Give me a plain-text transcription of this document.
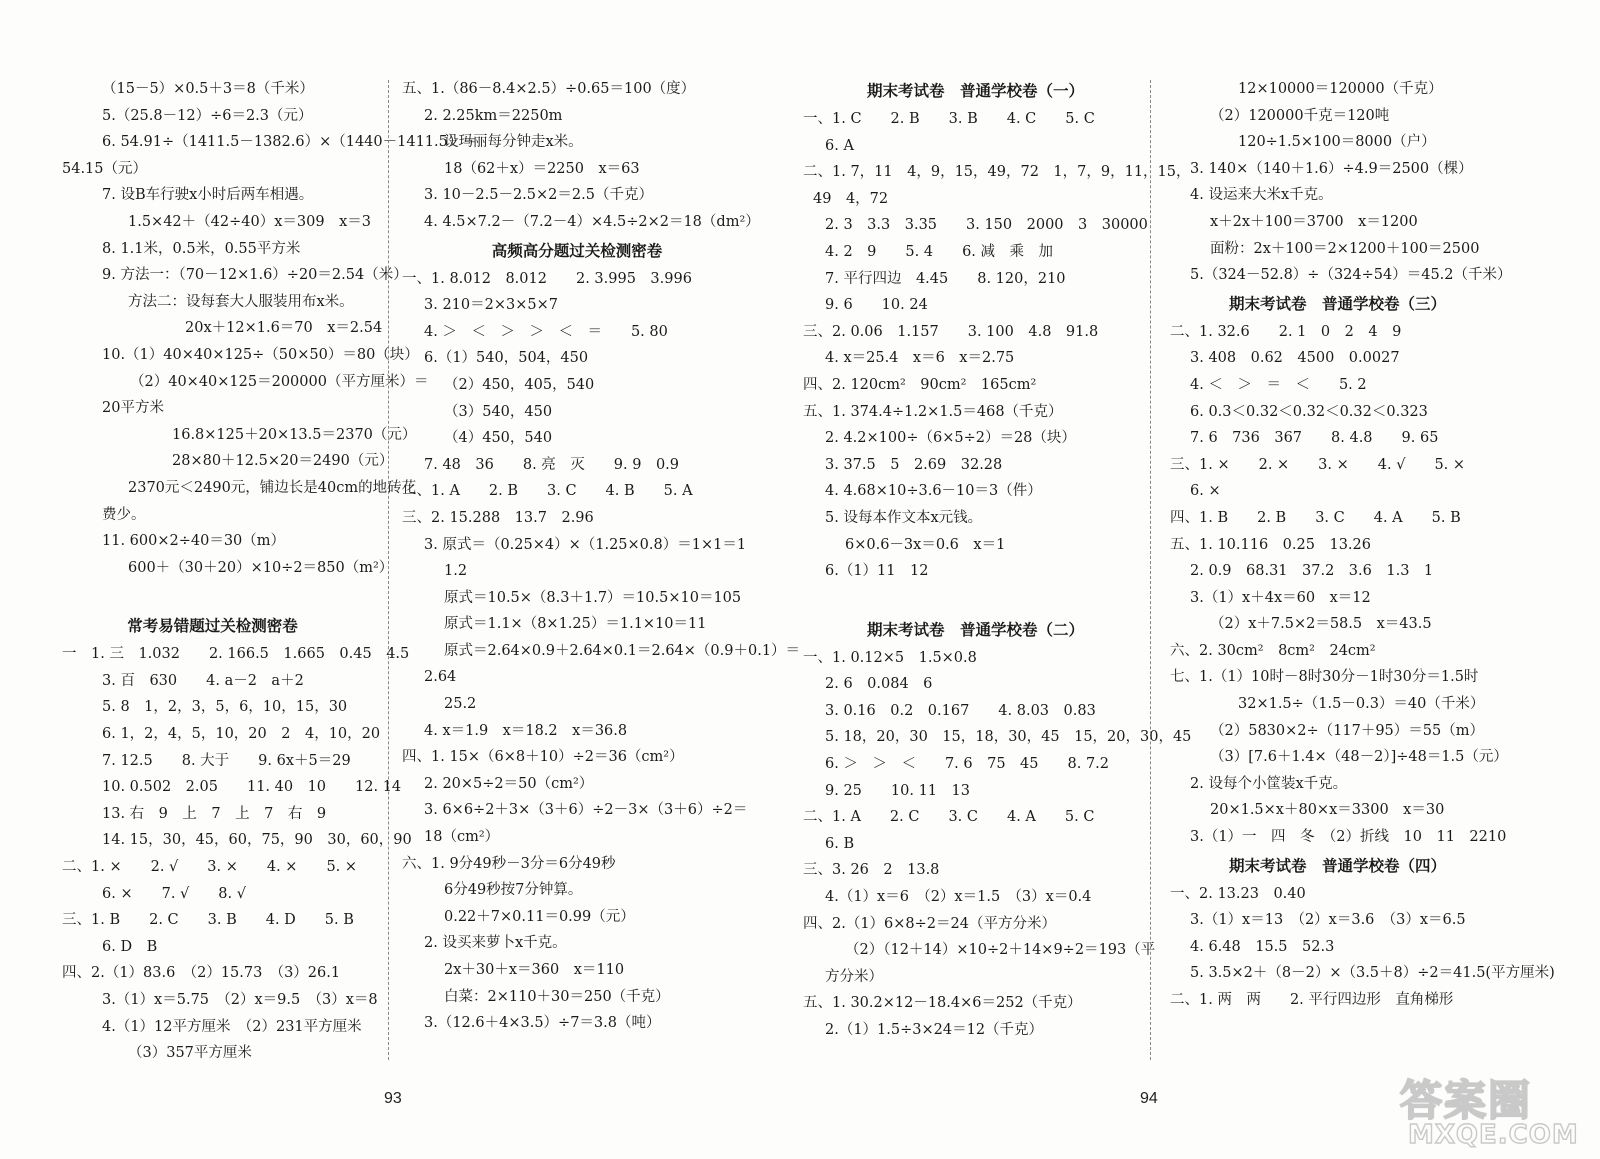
（15－5）×0.5＋3＝8（千米）
5.（25.8－12）÷6＝2.3（元）
6. 54.91÷（1411.5－1382.6）×（1440－1411.5）＝
54.15（元）
7. 设B车行驶x小时后两车相遇。
1.5×42＋（42÷40）x＝309　x＝3
8. 1.1米，0.5米，0.55平方米
9. 方法一：（70－12×1.6）÷20＝2.54（米）
方法二：设每套大人服装用布x米。
20x＋12×1.6＝70　x＝2.54
10.（1）40×40×125÷（50×50）＝80（块）
（2）40×40×125＝200000（平方厘米）＝
20平方米
16.8×125＋20×13.5＝2370（元）
28×80＋12.5×20＝2490（元）
2370元＜2490元，铺边长是40cm的地砖花
费少。
11. 600×2÷40＝30（m）
600＋（30＋20）×10÷2＝850（m²）
常考易错题过关检测密卷
一　1. 三　1.032　　2. 166.5　1.665　0.45　4.5
3. 百　630　　4. a－2　a＋2
5. 8　1，2，3，5，6，10，15，30
6. 1，2，4，5，10，20　2　4，10，20
7. 12.5　　8. 大于　　9. 6x＋5＝29
10. 0.502　2.05　　11. 40　10　　12. 14
13. 右　9　上　7　上　7　右　9
14. 15，30，45，60，75，90　30，60，90
二、1. ×　　2. √　　3. ×　　4. ×　　5. ×
6. ×　　7. √　　8. √
三、1. B　　2. C　　3. B　　4. D　　5. B
6. D　B
四、2.（1）83.6　（2）15.73　（3）26.1
3.（1）x＝5.75　（2）x＝9.5　（3）x＝8
4.（1）12平方厘米　（2）231平方厘米
（3）357平方厘米
五、1.（86－8.4×2.5）÷0.65＝100（度）
2. 2.25km＝2250m
设玛丽每分钟走x米。
18（62＋x）＝2250　x＝63
3. 10－2.5－2.5×2＝2.5（千克）
4. 4.5×7.2－（7.2－4）×4.5÷2×2＝18（dm²）
高频高分题过关检测密卷
一、1. 8.012　8.012　　2. 3.995　3.996
3. 210＝2×3×5×7
4. ＞　＜　＞　＞　＜　＝　　5. 80
6.（1）540，504，450
（2）450，405，540
（3）540，450
（4）450，540
7. 48　36　　8. 亮　灭　　9. 9　0.9
二、1. A　　2. B　　3. C　　4. B　　5. A
三、2. 15.288　13.7　2.96
3. 原式＝（0.25×4）×（1.25×0.8）＝1×1＝1
1.2
原式＝10.5×（8.3＋1.7）＝10.5×10＝105
原式＝1.1×（8×1.25）＝1.1×10＝11
原式＝2.64×0.9＋2.64×0.1＝2.64×（0.9＋0.1）＝
2.64
25.2
4. x＝1.9　x＝18.2　x＝36.8
四、1. 15×（6×8＋10）÷2＝36（cm²）
2. 20×5÷2＝50（cm²）
3. 6×6÷2＋3×（3＋6）÷2－3×（3＋6）÷2＝
18（cm²）
六、1. 9分49秒－3分＝6分49秒
6分49秒按7分钟算。
0.22＋7×0.11＝0.99（元）
2. 设买来萝卜x千克。
2x＋30＋x＝360　x＝110
白菜：2×110＋30＝250（千克）
3.（12.6＋4×3.5）÷7＝3.8（吨）
期末考试卷　普通学校卷（一）
一、1. C　　2. B　　3. B　　4. C　　5. C
6. A
二、1. 7，11　4，9，15，49，72　1，7，9，11，15，
49　4，72
2. 3　3.3　3.35　　3. 150　2000　3　30000
4. 2　9　　5. 4　　6. 减　乘　加
7. 平行四边　4.45　　8. 120，210
9. 6　　10. 24
三、2. 0.06　1.157　　3. 100　4.8　91.8
4. x＝25.4　x＝6　x＝2.75
四、2. 120cm²　90cm²　165cm²
五、1. 374.4÷1.2×1.5＝468（千克）
2. 4.2×100÷（6×5÷2）＝28（块）
3. 37.5　5　2.69　32.28
4. 4.68×10÷3.6－10＝3（件）
5. 设每本作文本x元钱。
6×0.6－3x＝0.6　x＝1
6.（1）11　12
期末考试卷　普通学校卷（二）
一、1. 0.12×5　1.5×0.8
2. 6　0.084　6
3. 0.16　0.2　0.167　　4. 8.03　0.83
5. 18，20，30　15，18，30，45　15，20，30，45
6. ＞　＞　＜　　7. 6　75　45　　8. 7.2
9. 25　　10. 11　13
二、1. A　　2. C　　3. C　　4. A　　5. C
6. B
三、3. 26　2　13.8
4.（1）x＝6　（2）x＝1.5　（3）x＝0.4
四、2.（1）6×8÷2＝24（平方分米）
（2）（12＋14）×10÷2＋14×9÷2＝193（平
方分米）
五、1. 30.2×12－18.4×6＝252（千克）
2.（1）1.5÷3×24＝12（千克）
12×10000＝120000（千克）
（2）120000千克＝120吨
120÷1.5×100＝8000（户）
3. 140×（140＋1.6）÷4.9＝2500（棵）
4. 设运来大米x千克。
x＋2x＋100＝3700　x＝1200
面粉：2x＋100＝2×1200＋100＝2500
5.（324－52.8）÷（324÷54）＝45.2（千米）
期末考试卷　普通学校卷（三）
二、1. 32.6　　2. 1　0　2　4　9
3. 408　0.62　4500　0.0027
4. ＜　＞　＝　＜　　5. 2
6. 0.3＜0.32＜0.32＜0.32＜0.323
7. 6　736　367　　8. 4.8　　9. 65
三、1. ×　　2. ×　　3. ×　　4. √　　5. ×
6. ×
四、1. B　　2. B　　3. C　　4. A　　5. B
五、1. 10.116　0.25　13.26
2. 0.9　68.31　37.2　3.6　1.3　1
3.（1）x＋4x＝60　x＝12
（2）x＋7.5×2＝58.5　x＝43.5
六、2. 30cm²　8cm²　24cm²
七、1.（1）10时－8时30分－1时30分＝1.5时
32×1.5÷（1.5－0.3）＝40（千米）
（2）5830×2÷（117＋95）＝55（m）
（3）[7.6＋1.4×（48－2）]÷48＝1.5（元）
2. 设每个小筐装x千克。
20×1.5×x＋80×x＝3300　x＝30
3.（1）一　四　冬　（2）折线　10　11　2210
期末考试卷　普通学校卷（四）
一、2. 13.23　0.40
3.（1）x＝13　（2）x＝3.6　（3）x＝6.5
4. 6.48　15.5　52.3
5. 3.5×2＋（8－2）×（3.5＋8）÷2＝41.5(平方厘米)
二、1. 两　两　　2. 平行四边形　直角梯形
93	94	答案圈
MXQE.COM
